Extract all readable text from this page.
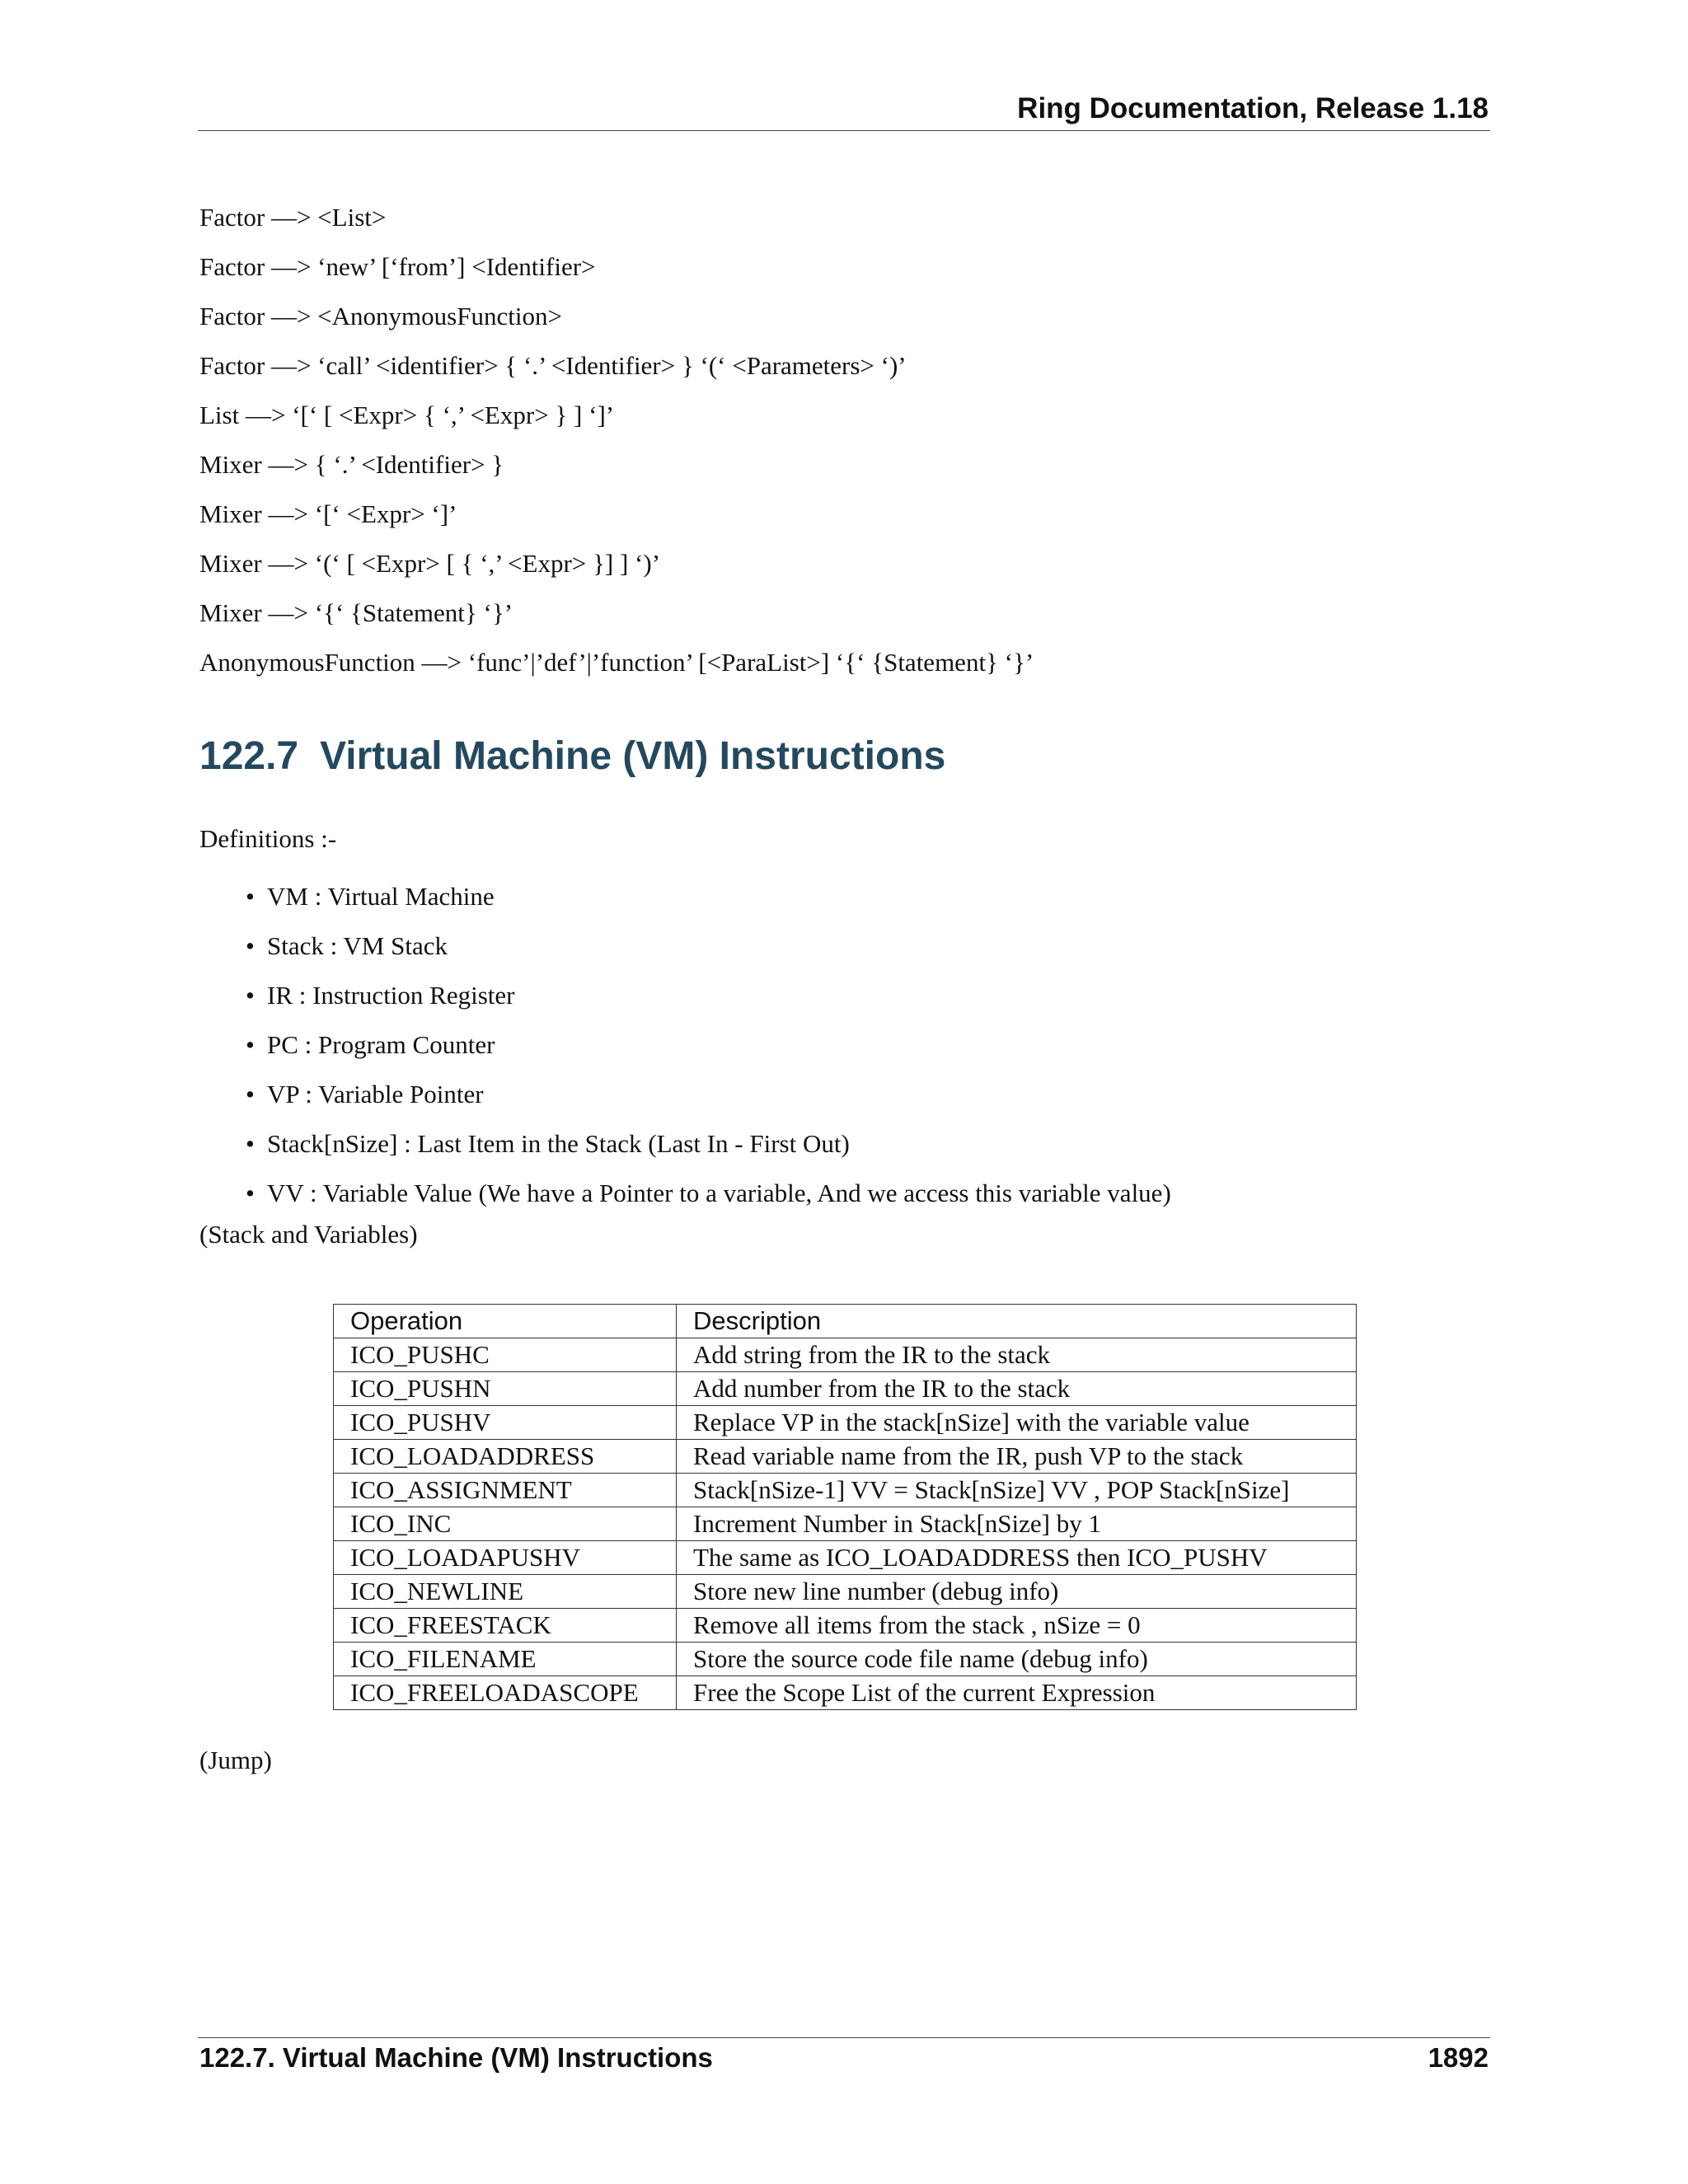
Ring Documentation, Release 1.18
Factor —> <List>
Factor —> ‘new’ [‘from’] <Identifier>
Factor —> <AnonymousFunction>
Factor —> ‘call’ <identifier> { ‘.’ <Identifier> } ‘(‘ <Parameters> ‘)’
List —> ‘[‘ [ <Expr> { ‘,’ <Expr> } ] ‘]’
Mixer —> { ‘.’ <Identifier> }
Mixer —> ‘[‘ <Expr> ‘]’
Mixer —> ‘(‘ [ <Expr> [ { ‘,’ <Expr> }] ] ‘)’
Mixer —> ‘{‘ {Statement} ‘}’
AnonymousFunction —> ‘func’|’def’|’function’ [<ParaList>] ‘{‘ {Statement} ‘}’
122.7 Virtual Machine (VM) Instructions
Definitions :-
• VM : Virtual Machine
• Stack : VM Stack
• IR : Instruction Register
• PC : Program Counter
• VP : Variable Pointer
• Stack[nSize] : Last Item in the Stack (Last In - First Out)
• VV : Variable Value (We have a Pointer to a variable, And we access this variable value)
(Stack and Variables)
Operation	Description
ICO_PUSHC	Add string from the IR to the stack
ICO_PUSHN	Add number from the IR to the stack
ICO_PUSHV	Replace VP in the stack[nSize] with the variable value
ICO_LOADADDRESS	Read variable name from the IR, push VP to the stack
ICO_ASSIGNMENT	Stack[nSize-1] VV = Stack[nSize] VV , POP Stack[nSize]
ICO_INC	Increment Number in Stack[nSize] by 1
ICO_LOADAPUSHV	The same as ICO_LOADADDRESS then ICO_PUSHV
ICO_NEWLINE	Store new line number (debug info)
ICO_FREESTACK	Remove all items from the stack , nSize = 0
ICO_FILENAME	Store the source code file name (debug info)
ICO_FREELOADASCOPE	Free the Scope List of the current Expression
(Jump)
122.7. Virtual Machine (VM) Instructions	1892
